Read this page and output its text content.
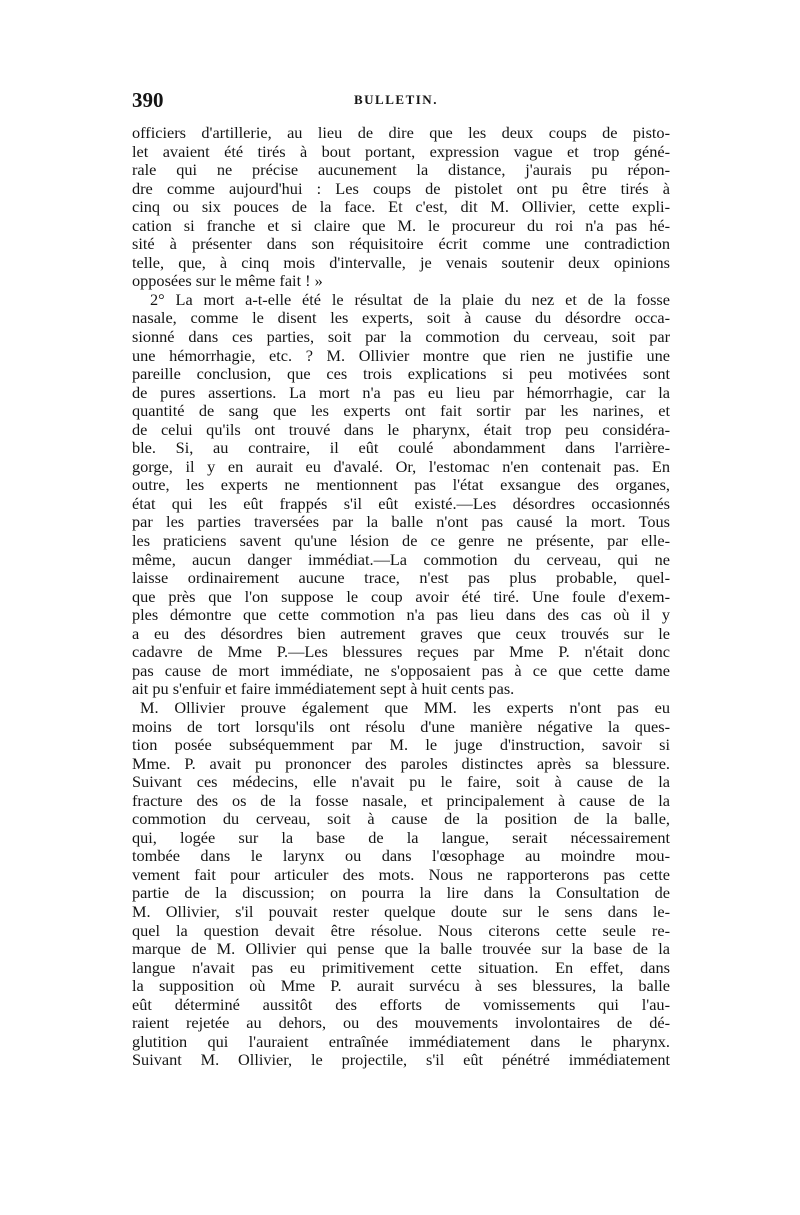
390	BULLETIN.
officiers d'artillerie, au lieu de dire que les deux coups de pisto-
let avaient été tirés à bout portant, expression vague et trop géné-
rale qui ne précise aucunement la distance, j'aurais pu répon-
dre comme aujourd'hui : Les coups de pistolet ont pu être tirés à
cinq ou six pouces de la face. Et c'est, dit M. Ollivier, cette expli-
cation si franche et si claire que M. le procureur du roi n'a pas hé-
sité à présenter dans son réquisitoire écrit comme une contradiction
telle, que, à cinq mois d'intervalle, je venais soutenir deux opinions
opposées sur le même fait ! »
2° La mort a-t-elle été le résultat de la plaie du nez et de la fosse
nasale, comme le disent les experts, soit à cause du désordre occa-
sionné dans ces parties, soit par la commotion du cerveau, soit par
une hémorrhagie, etc. ? M. Ollivier montre que rien ne justifie une
pareille conclusion, que ces trois explications si peu motivées sont
de pures assertions. La mort n'a pas eu lieu par hémorrhagie, car la
quantité de sang que les experts ont fait sortir par les narines, et
de celui qu'ils ont trouvé dans le pharynx, était trop peu considéra-
ble. Si, au contraire, il eût coulé abondamment dans l'arrière-
gorge, il y en aurait eu d'avalé. Or, l'estomac n'en contenait pas. En
outre, les experts ne mentionnent pas l'état exsangue des organes,
état qui les eût frappés s'il eût existé.—Les désordres occasionnés
par les parties traversées par la balle n'ont pas causé la mort. Tous
les praticiens savent qu'une lésion de ce genre ne présente, par elle-
même, aucun danger immédiat.—La commotion du cerveau, qui ne
laisse ordinairement aucune trace, n'est pas plus probable, quel-
que près que l'on suppose le coup avoir été tiré. Une foule d'exem-
ples démontre que cette commotion n'a pas lieu dans des cas où il y
a eu des désordres bien autrement graves que ceux trouvés sur le
cadavre de Mme P.—Les blessures reçues par Mme P. n'était donc
pas cause de mort immédiate, ne s'opposaient pas à ce que cette dame
ait pu s'enfuir et faire immédiatement sept à huit cents pas.
M. Ollivier prouve également que MM. les experts n'ont pas eu
moins de tort lorsqu'ils ont résolu d'une manière négative la ques-
tion posée subséquemment par M. le juge d'instruction, savoir si
Mme. P. avait pu prononcer des paroles distinctes après sa blessure.
Suivant ces médecins, elle n'avait pu le faire, soit à cause de la
fracture des os de la fosse nasale, et principalement à cause de la
commotion du cerveau, soit à cause de la position de la balle,
qui, logée sur la base de la langue, serait nécessairement
tombée dans le larynx ou dans l'œsophage au moindre mou-
vement fait pour articuler des mots. Nous ne rapporterons pas cette
partie de la discussion; on pourra la lire dans la Consultation de
M. Ollivier, s'il pouvait rester quelque doute sur le sens dans le-
quel la question devait être résolue. Nous citerons cette seule re-
marque de M. Ollivier qui pense que la balle trouvée sur la base de la
langue n'avait pas eu primitivement cette situation. En effet, dans
la supposition où Mme P. aurait survécu à ses blessures, la balle
eût déterminé aussitôt des efforts de vomissements qui l'au-
raient rejetée au dehors, ou des mouvements involontaires de dé-
glutition qui l'auraient entraînée immédiatement dans le pharynx.
Suivant M. Ollivier, le projectile, s'il eût pénétré immédiatement
